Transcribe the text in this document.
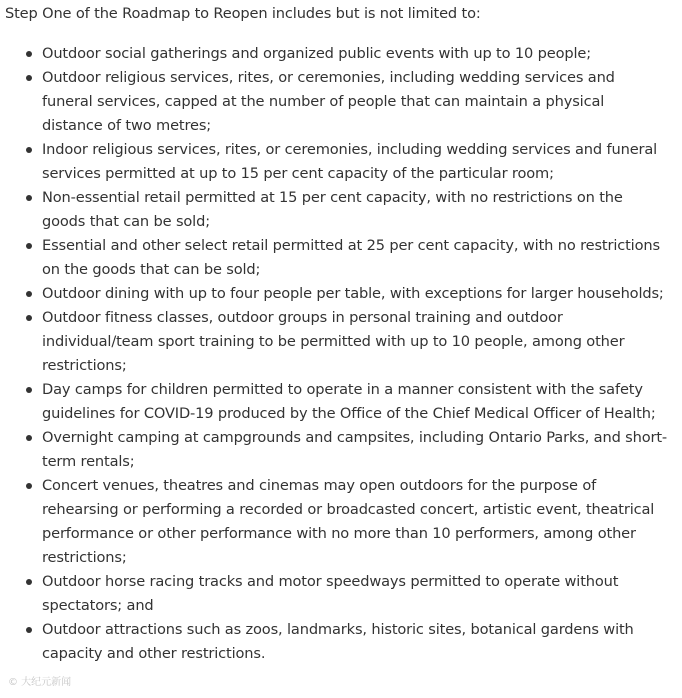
Step One of the Roadmap to Reopen includes but is not limited to:

Outdoor social gatherings and organized public events with up to 10 people;
Outdoor religious services, rites, or ceremonies, including wedding services and funeral services, capped at the number of people that can maintain a physical distance of two metres;
Indoor religious services, rites, or ceremonies, including wedding services and funeral services permitted at up to 15 per cent capacity of the particular room;
Non-essential retail permitted at 15 per cent capacity, with no restrictions on the goods that can be sold;
Essential and other select retail permitted at 25 per cent capacity, with no restrictions on the goods that can be sold;
Outdoor dining with up to four people per table, with exceptions for larger households;
Outdoor fitness classes, outdoor groups in personal training and outdoor individual/team sport training to be permitted with up to 10 people, among other restrictions;
Day camps for children permitted to operate in a manner consistent with the safety guidelines for COVID-19 produced by the Office of the Chief Medical Officer of Health;
Overnight camping at campgrounds and campsites, including Ontario Parks, and short-term rentals;
Concert venues, theatres and cinemas may open outdoors for the purpose of rehearsing or performing a recorded or broadcasted concert, artistic event, theatrical performance or other performance with no more than 10 performers, among other restrictions;
Outdoor horse racing tracks and motor speedways permitted to operate without spectators; and
Outdoor attractions such as zoos, landmarks, historic sites, botanical gardens with capacity and other restrictions.
© 大纪元新闻
